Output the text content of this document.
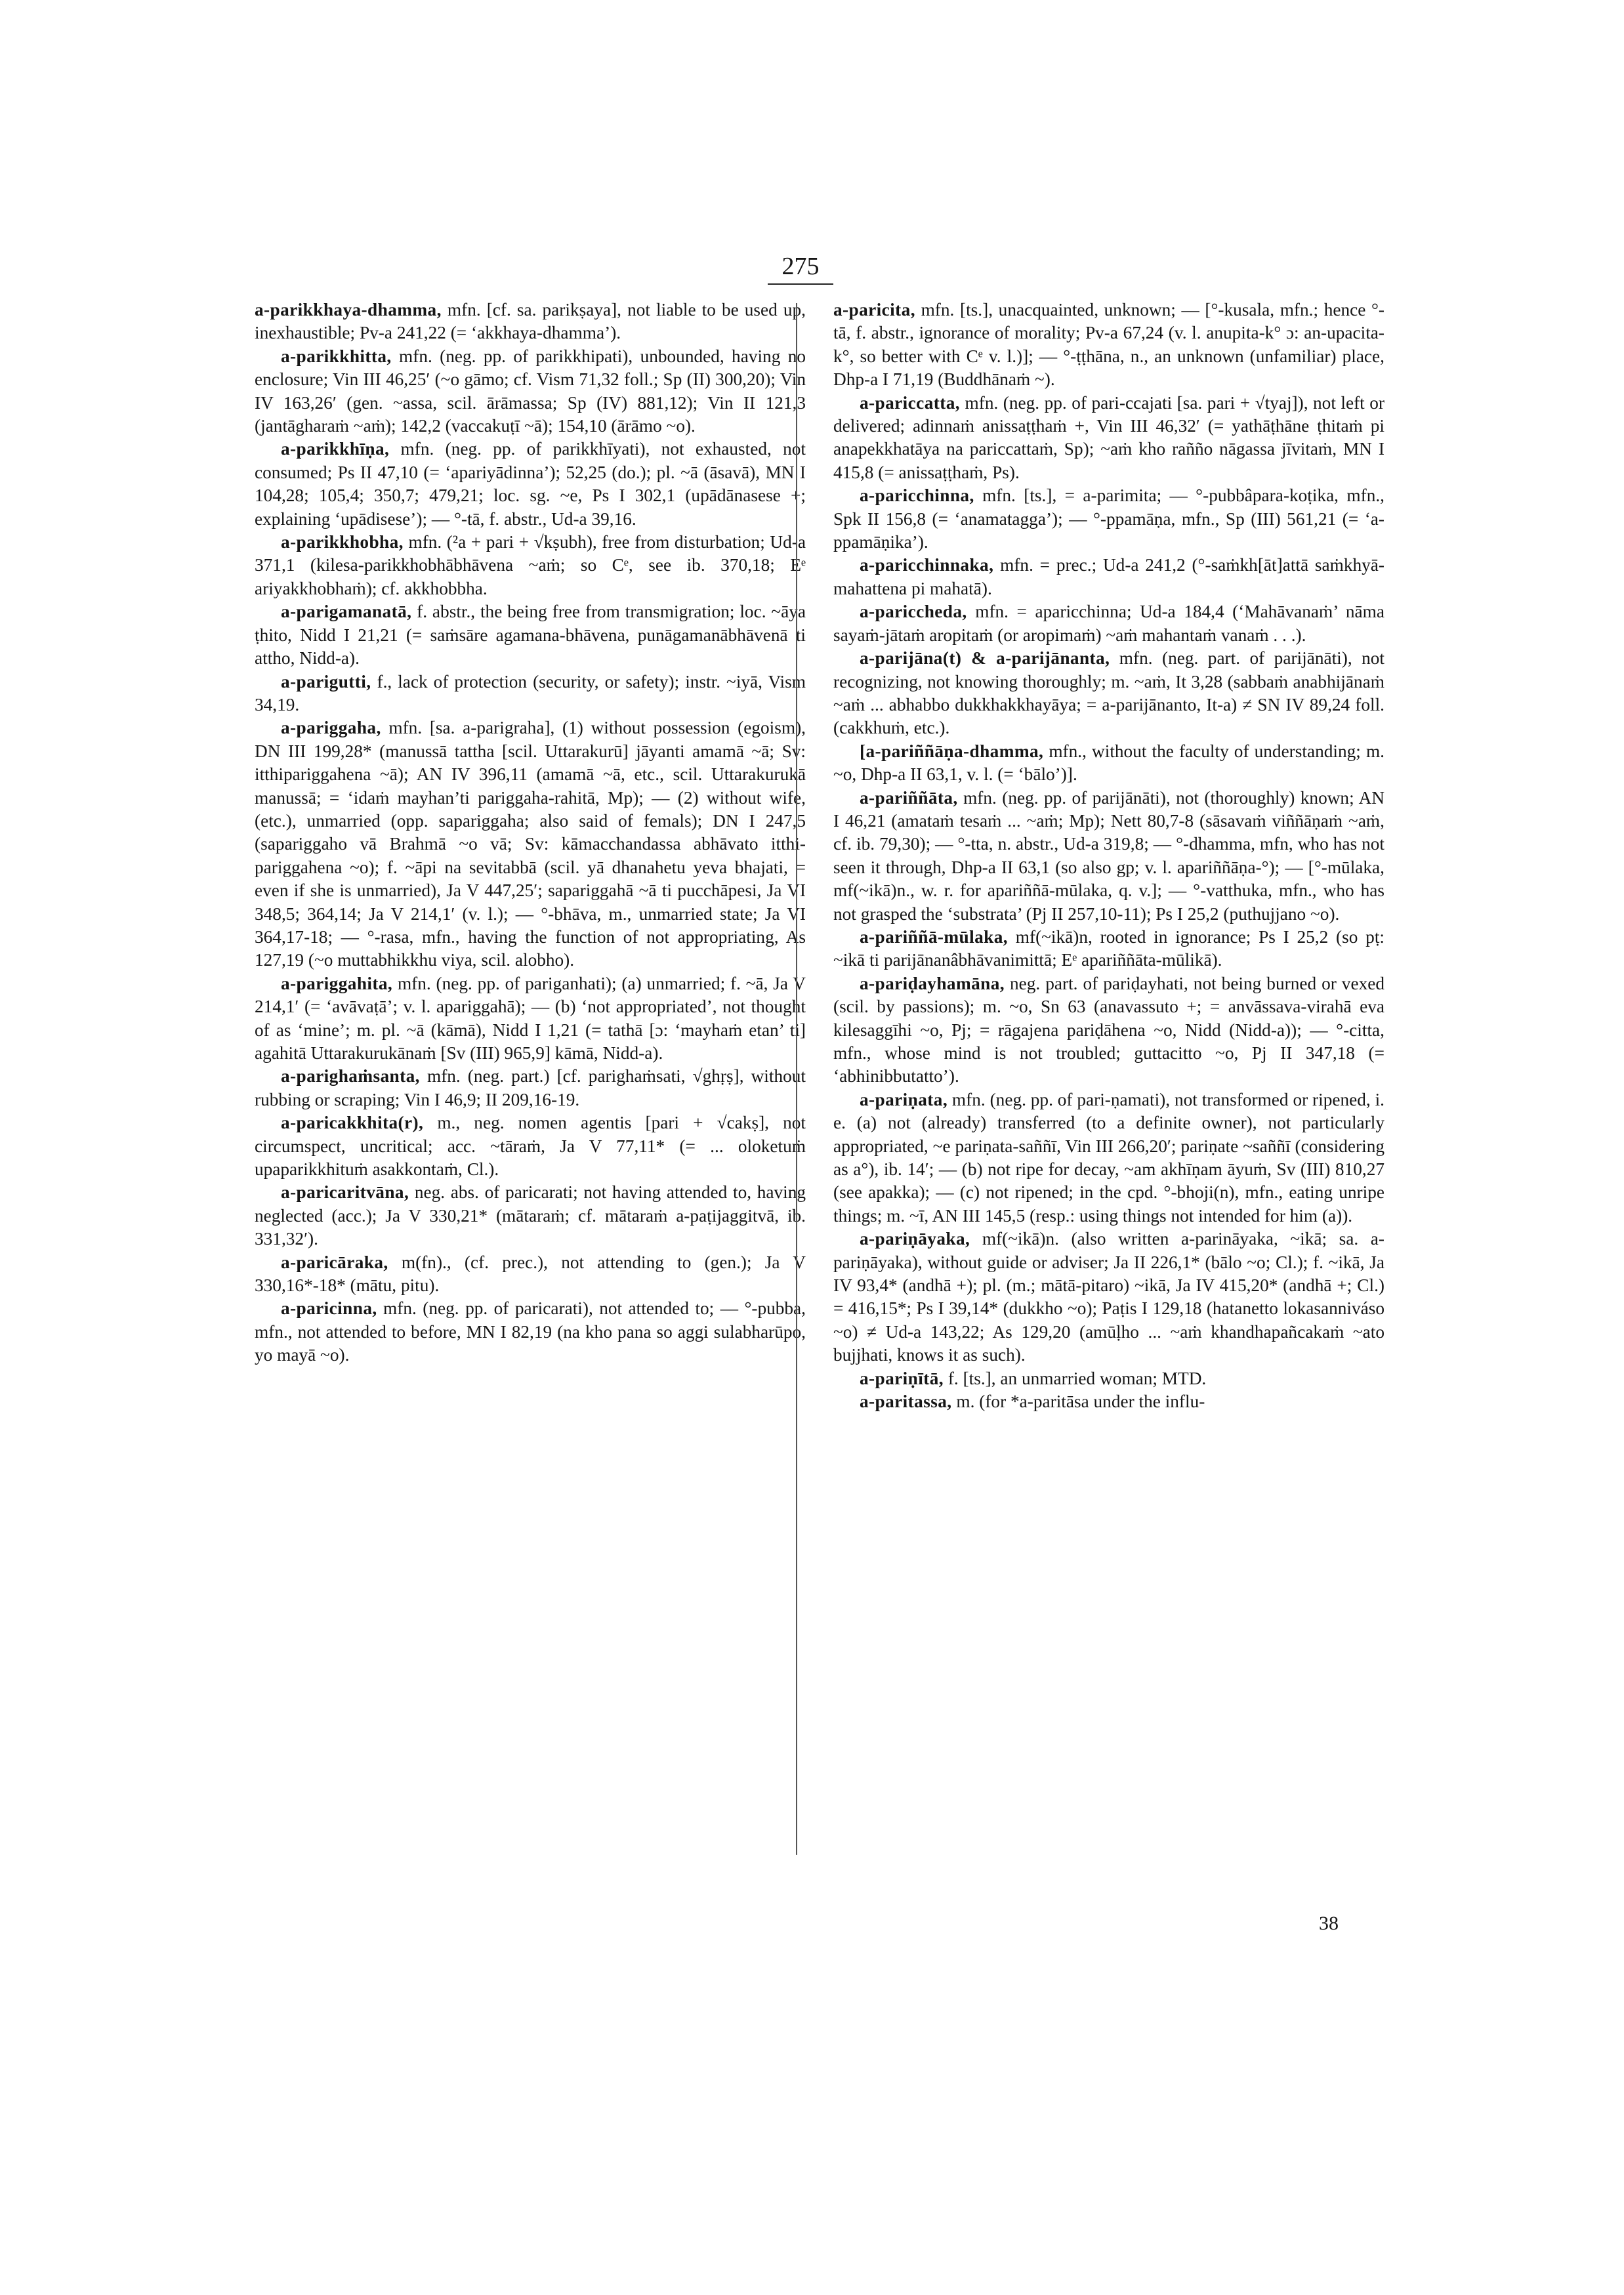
275

a-parikkhaya-dhamma, mfn. [cf. sa. parikṣaya], not liable to be used up, inexhaustible; Pv-a 241,22 (= ‘akkhaya-dhamma’).

a-parikkhitta, mfn. (neg. pp. of parikkhipati), unbounded, having no enclosure; Vin III 46,25′ (~o gāmo; cf. Vism 71,32 foll.; Sp (II) 300,20); Vin IV 163,26′ (gen. ~assa, scil. ārāmassa; Sp (IV) 881,12); Vin II 121,3 (jantāgharaṁ ~aṁ); 142,2 (vaccakuṭī ~ā); 154,10 (ārāmo ~o).

a-parikkhīṇa, mfn. (neg. pp. of parikkhīyati), not exhausted, not consumed; Ps II 47,10 (= ‘apariyādinna’); 52,25 (do.); pl. ~ā (āsavā), MN I 104,28; 105,4; 350,7; 479,21; loc. sg. ~e, Ps I 302,1 (upādānasese +; explaining ‘upādisese’); — °-tā, f. abstr., Ud-a 39,16.

a-parikkhobha, mfn. (²a + pari + √kṣubh), free from disturbation; Ud-a 371,1 (kilesa-parikkhobhābhāvena ~aṁ; so Cᵉ, see ib. 370,18; Eᵉ ariyakkhobhaṁ); cf. akkhobbha.

a-parigamanatā, f. abstr., the being free from transmigration; loc. ~āya ṭhito, Nidd I 21,21 (= saṁsāre agamana-bhāvena, punāgamanābhāvenā ti attho, Nidd-a).

a-parigutti, f., lack of protection (security, or safety); instr. ~iyā, Vism 34,19.

a-pariggaha, mfn. [sa. a-parigraha], (1) without possession (egoism), DN III 199,28* (manussā tattha [scil. Uttarakurū] jāyanti amamā ~ā; Sv: itthipariggahena ~ā); AN IV 396,11 (amamā ~ā, etc., scil. Uttarakurukā manussā; = ‘idaṁ mayhan’ti pariggaha-rahitā, Mp); — (2) without wife, (etc.), unmarried (opp. sapariggaha; also said of femals); DN I 247,5 (sapariggaho vā Brahmā ~o vā; Sv: kāmacchandassa abhāvato itthi-pariggahena ~o); f. ~āpi na sevitabbā (scil. yā dhanahetu yeva bhajati, = even if she is unmarried), Ja V 447,25′; sapariggahā ~ā ti pucchāpesi, Ja VI 348,5; 364,14; Ja V 214,1′ (v. l.); — °-bhāva, m., unmarried state; Ja VI 364,17-18; — °-rasa, mfn., having the function of not appropriating, As 127,19 (~o muttabhikkhu viya, scil. alobho).

a-pariggahita, mfn. (neg. pp. of pariganhati); (a) unmarried; f. ~ā, Ja V 214,1′ (= ‘avāvaṭā’; v. l. apariggahā); — (b) ‘not appropriated’, not thought of as ‘mine’; m. pl. ~ā (kāmā), Nidd I 1,21 (= tathā [ɔ: ‘mayhaṁ etan’ ti] agahitā Uttarakurukānaṁ [Sv (III) 965,9] kāmā, Nidd-a).

a-parighaṁsanta, mfn. (neg. part.) [cf. parighaṁsati, √ghṛṣ], without rubbing or scraping; Vin I 46,9; II 209,16-19.

a-paricakkhita(r), m., neg. nomen agentis [pari + √cakṣ], not circumspect, uncritical; acc. ~tāraṁ, Ja V 77,11* (= ... oloketuṁ upaparikkhituṁ asakkontaṁ, Cl.).

a-paricaritvāna, neg. abs. of paricarati; not having attended to, having neglected (acc.); Ja V 330,21* (mātaraṁ; cf. mātaraṁ a-paṭijaggitvā, ib. 331,32′).

a-paricāraka, m(fn)., (cf. prec.), not attending to (gen.); Ja V 330,16*-18* (mātu, pitu).

a-paricinna, mfn. (neg. pp. of paricarati), not attended to; — °-pubba, mfn., not attended to before, MN I 82,19 (na kho pana so aggi sulabharūpo, yo mayā ~o).

a-paricita, mfn. [ts.], unacquainted, unknown; — [°-kusala, mfn.; hence °-tā, f. abstr., ignorance of morality; Pv-a 67,24 (v. l. anupita-k° ɔ: an-upacita-k°, so better with Cᵉ v. l.)]; — °-ṭṭhāna, n., an unknown (unfamiliar) place, Dhp-a I 71,19 (Buddhānaṁ ~).

a-pariccatta, mfn. (neg. pp. of pari-ccajati [sa. pari + √tyaj]), not left or delivered; adinnaṁ anissaṭṭhaṁ +, Vin III 46,32′ (= yathāṭhāne ṭhitaṁ pi anapekkhatāya na pariccattaṁ, Sp); ~aṁ kho rañño nāgassa jīvitaṁ, MN I 415,8 (= anissaṭṭhaṁ, Ps).

a-paricchinna, mfn. [ts.], = a-parimita; — °-pubbâpara-koṭika, mfn., Spk II 156,8 (= ‘anamatagga’); — °-ppamāṇa, mfn., Sp (III) 561,21 (= ‘a-ppamāṇika’).

a-paricchinnaka, mfn. = prec.; Ud-a 241,2 (°-saṁkh[āt]attā saṁkhyā-mahattena pi mahatā).

a-pariccheda, mfn. = aparicchinna; Ud-a 184,4 (‘Mahāvanaṁ’ nāma sayaṁ-jātaṁ aropitaṁ (or aropimaṁ) ~aṁ mahantaṁ vanaṁ . . .).

a-parijāna(t) & a-parijānanta, mfn. (neg. part. of parijānāti), not recognizing, not knowing thoroughly; m. ~aṁ, It 3,28 (sabbaṁ anabhijānaṁ ~aṁ ... abhabbo dukkhakkhayāya; = a-parijānanto, It-a) ≠ SN IV 89,24 foll. (cakkhuṁ, etc.).

[a-pariññāṇa-dhamma, mfn., without the faculty of understanding; m. ~o, Dhp-a II 63,1, v. l. (= ‘bālo’)].

a-pariññāta, mfn. (neg. pp. of parijānāti), not (thoroughly) known; AN I 46,21 (amataṁ tesaṁ ... ~aṁ; Mp); Nett 80,7-8 (sāsavaṁ viññāṇaṁ ~aṁ, cf. ib. 79,30); — °-tta, n. abstr., Ud-a 319,8; — °-dhamma, mfn, who has not seen it through, Dhp-a II 63,1 (so also gp; v. l. apariññāṇa-°); — [°-mūlaka, mf(~ikā)n., w. r. for apariññā-mūlaka, q. v.]; — °-vatthuka, mfn., who has not grasped the ‘substrata’ (Pj II 257,10-11); Ps I 25,2 (puthujjano ~o).

a-pariññā-mūlaka, mf(~ikā)n, rooted in ignorance; Ps I 25,2 (so pṭ: ~ikā ti parijānanâbhāvanimittā; Eᵉ apariññāta-mūlikā).

a-pariḍayhamāna, neg. part. of pariḍayhati, not being burned or vexed (scil. by passions); m. ~o, Sn 63 (anavassuto +; = anvāssava-virahā eva kilesaggīhi ~o, Pj; = rāgajena pariḍāhena ~o, Nidd (Nidd-a)); — °-citta, mfn., whose mind is not troubled; guttacitto ~o, Pj II 347,18 (= ‘abhinibbutatto’).

a-pariṇata, mfn. (neg. pp. of pari-ṇamati), not transformed or ripened, i. e. (a) not (already) transferred (to a definite owner), not particularly appropriated, ~e pariṇata-saññī, Vin III 266,20′; pariṇate ~saññī (considering as a°), ib. 14′; — (b) not ripe for decay, ~am akhīṇam āyuṁ, Sv (III) 810,27 (see apakka); — (c) not ripened; in the cpd. °-bhoji(n), mfn., eating unripe things; m. ~ī, AN III 145,5 (resp.: using things not intended for him (a)).

a-pariṇāyaka, mf(~ikā)n. (also written a-parināyaka, ~ikā; sa. a-pariṇāyaka), without guide or adviser; Ja II 226,1* (bālo ~o; Cl.); f. ~ikā, Ja IV 93,4* (andhā +); pl. (m.; mātā-pitaro) ~ikā, Ja IV 415,20* (andhā +; Cl.) = 416,15*; Ps I 39,14* (dukkho ~o); Paṭis I 129,18 (hatanetto lokasanniváso ~o) ≠ Ud-a 143,22; As 129,20 (amūḷho ... ~aṁ khandhapañcakaṁ ~ato bujjhati, knows it as such).

a-pariṇītā, f. [ts.], an unmarried woman; MTD.

a-paritassa, m. (for *a-paritāsa under the influ-

38
